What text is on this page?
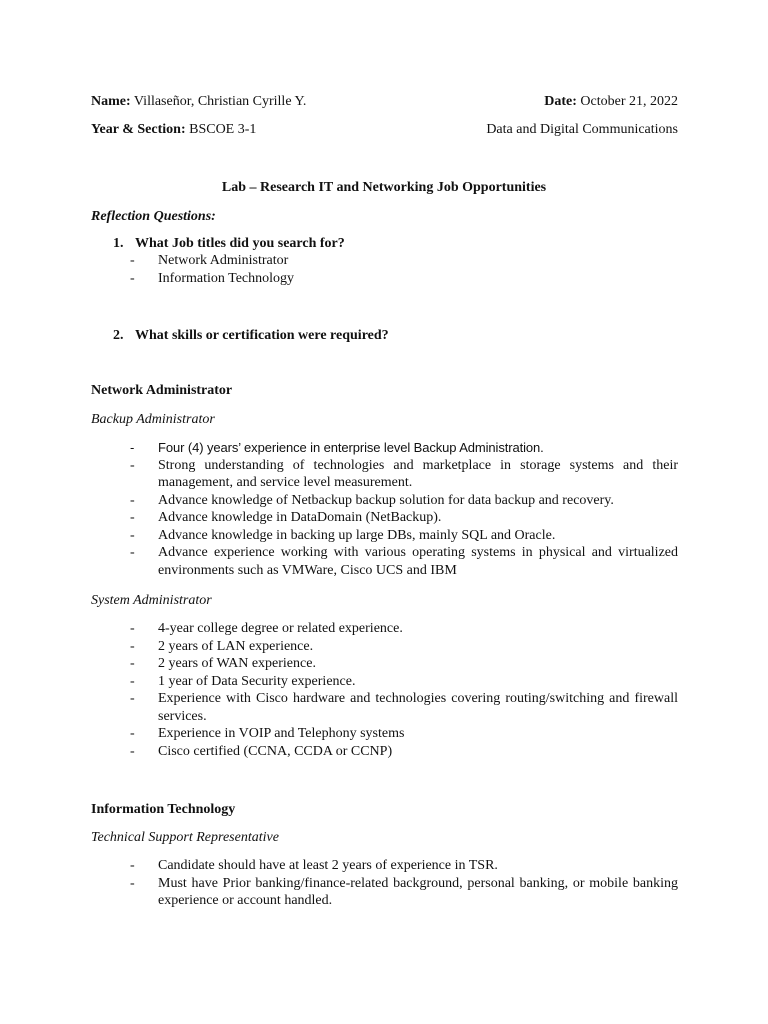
Name: Villaseñor, Christian Cyrille Y.	Date: October 21, 2022
Year & Section: BSCOE 3-1	Data and Digital Communications
Lab – Research IT and Networking Job Opportunities
Reflection Questions:
1. What Job titles did you search for?
- Network Administrator
- Information Technology
2. What skills or certification were required?
Network Administrator
Backup Administrator
- Four (4) years’ experience in enterprise level Backup Administration.
- Strong understanding of technologies and marketplace in storage systems and their management, and service level measurement.
- Advance knowledge of Netbackup backup solution for data backup and recovery.
- Advance knowledge in DataDomain (NetBackup).
- Advance knowledge in backing up large DBs, mainly SQL and Oracle.
- Advance experience working with various operating systems in physical and virtualized environments such as VMWare, Cisco UCS and IBM
System Administrator
- 4-year college degree or related experience.
- 2 years of LAN experience.
- 2 years of WAN experience.
- 1 year of Data Security experience.
- Experience with Cisco hardware and technologies covering routing/switching and firewall services.
- Experience in VOIP and Telephony systems
- Cisco certified (CCNA, CCDA or CCNP)
Information Technology
Technical Support Representative
- Candidate should have at least 2 years of experience in TSR.
- Must have Prior banking/finance-related background, personal banking, or mobile banking experience or account handled.
